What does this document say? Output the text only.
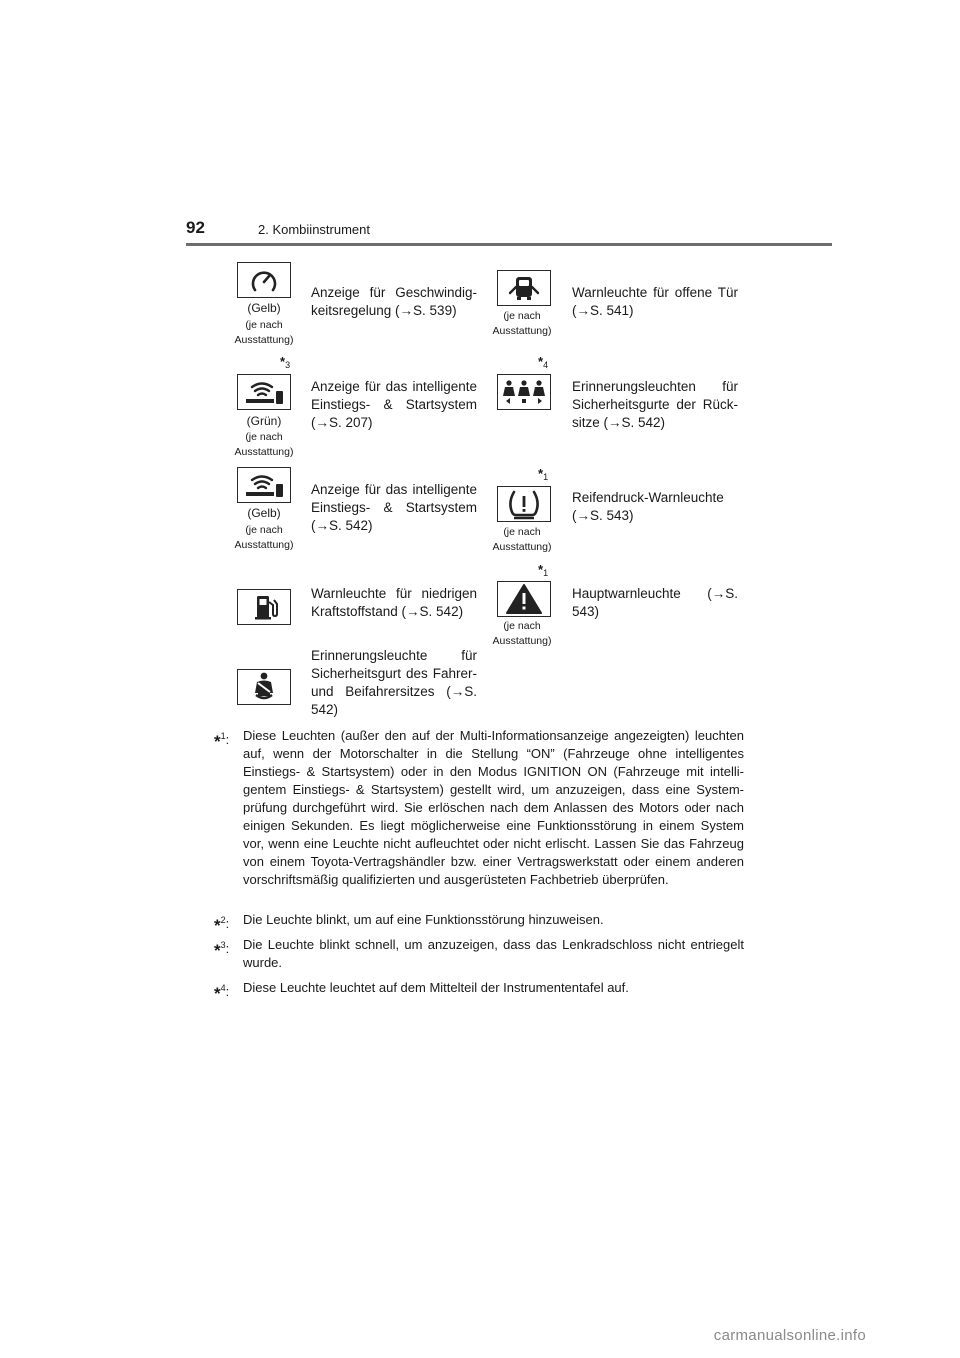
92	2. Kombiinstrument
(Gelb)
(je nach
Ausstattung)
Anzeige für Geschwindigkeitsregelung (→S. 539)	(je nach
Ausstattung)
Warnleuchte für offene Tür (→S. 541)
$*_3$
(Grün)
(je nach
Ausstattung)
Anzeige für das intelligente Einstiegs- & Startsystem (→S. 207)
$*_4$
Erinnerungsleuchten für Sicherheitsgurte der Rücksitze (→S. 542)
(Gelb)
(je nach
Ausstattung)
Anzeige für das intelligente Einstiegs- & Startsystem (→S. 542)
$*_1$
(je nach
Ausstattung)
Reifendruck-Warnleuchte (→S. 543)
Warnleuchte für niedrigen Kraftstoffstand (→S. 542)
$*_1$
(je nach
Ausstattung)
Hauptwarnleuchte (→S. 543)
Erinnerungsleuchte für Sicherheitsgurt des Fahrer- und Beifahrersitzes (→S. 542)
*$^1$: Diese Leuchten (außer den auf der Multi-Informationsanzeige angezeigten) leuchten auf, wenn der Motorschalter in die Stellung “ON” (Fahrzeuge ohne intelligentes Einstiegs- & Startsystem) oder in den Modus IGNITION ON (Fahrzeuge mit intelligentem Einstiegs- & Startsystem) gestellt wird, um anzuzeigen, dass eine Systemprüfung durchgeführt wird. Sie erlöschen nach dem Anlassen des Motors oder nach einigen Sekunden. Es liegt möglicherweise eine Funktionsstörung in einem System vor, wenn eine Leuchte nicht aufleuchtet oder nicht erlischt. Lassen Sie das Fahrzeug von einem Toyota-Vertragshändler bzw. einer Vertragswerkstatt oder einem anderen vorschriftsmäßig qualifizierten und ausgerüsteten Fachbetrieb überprüfen.
*$^2$: Die Leuchte blinkt, um auf eine Funktionsstörung hinzuweisen.
*$^3$: Die Leuchte blinkt schnell, um anzuzeigen, dass das Lenkradschloss nicht entriegelt wurde.
*$^4$: Diese Leuchte leuchtet auf dem Mittelteil der Instrumententafel auf.
carmanualsonline.info
